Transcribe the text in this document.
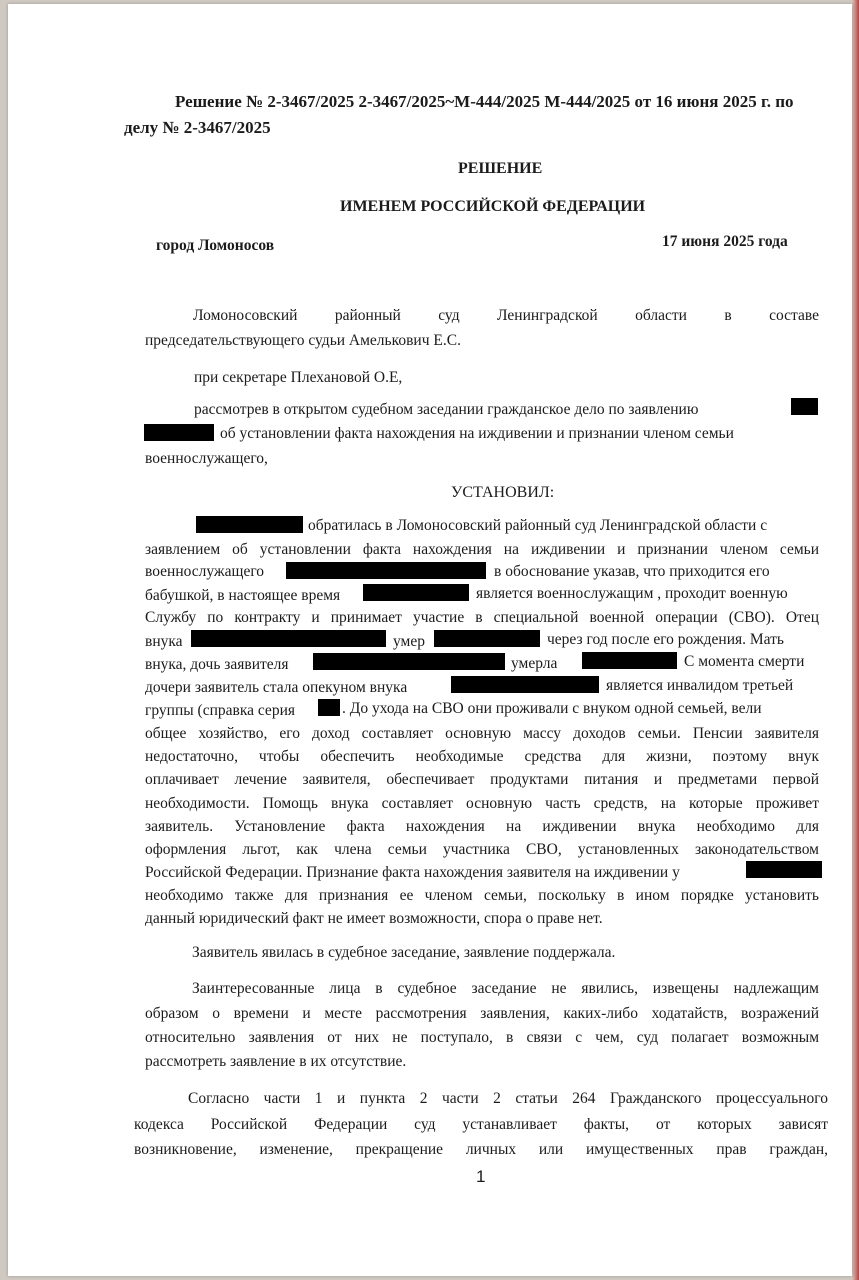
Решение № 2-3467/2025 2-3467/2025~М-444/2025 М-444/2025 от 16 июня 2025 г. по
делу № 2-3467/2025
РЕШЕНИЕ
ИМЕНЕМ РОССИЙСКОЙ ФЕДЕРАЦИИ
город Ломоносов	17 июня 2025 года
Ломоносовский районный суд Ленинградской области в составе
председательствующего судьи Амелькович Е.С.
при секретаре Плехановой О.Е,
рассмотрев в открытом судебном заседании гражданское дело по заявлению
об установлении факта нахождения на иждивении и признании членом семьи
военнослужащего,
УСТАНОВИЛ:
обратилась в Ломоносовский районный суд Ленинградской области с
заявлением об установлении факта нахождения на иждивении и признании членом семьи
военнослужащего	в обоснование указав, что приходится его
бабушкой, в настоящее время	является военнослужащим , проходит военную
Службу по контракту и принимает участие в специальной военной операции (СВО). Отец
внука	умер	через год после его рождения. Мать
внука, дочь заявителя	умерла	С момента смерти
дочери заявитель стала опекуном внука	является инвалидом третьей
группы (справка серия	. До ухода на СВО они проживали с внуком одной семьей, вели
общее хозяйство, его доход составляет основную массу доходов семьи. Пенсии заявителя
недостаточно, чтобы обеспечить необходимые средства для жизни, поэтому внук
оплачивает лечение заявителя, обеспечивает продуктами питания и предметами первой
необходимости. Помощь внука составляет основную часть средств, на которые проживет
заявитель. Установление факта нахождения на иждивении внука необходимо для
оформления льгот, как члена семьи участника СВО, установленных законодательством
Российской Федерации. Признание факта нахождения заявителя на иждивении у
необходимо также для признания ее членом семьи, поскольку в ином порядке установить
данный юридический факт не имеет возможности, спора о праве нет.
Заявитель явилась в судебное заседание, заявление поддержала.
Заинтересованные лица в судебное заседание не явились, извещены надлежащим
образом о времени и месте рассмотрения заявления, каких-либо ходатайств, возражений
относительно заявления от них не поступало, в связи с чем, суд полагает возможным
рассмотреть заявление в их отсутствие.
Согласно части 1 и пункта 2 части 2 статьи 264 Гражданского процессуального
кодекса Российской Федерации суд устанавливает факты, от которых зависят
возникновение, изменение, прекращение личных или имущественных прав граждан,
1
